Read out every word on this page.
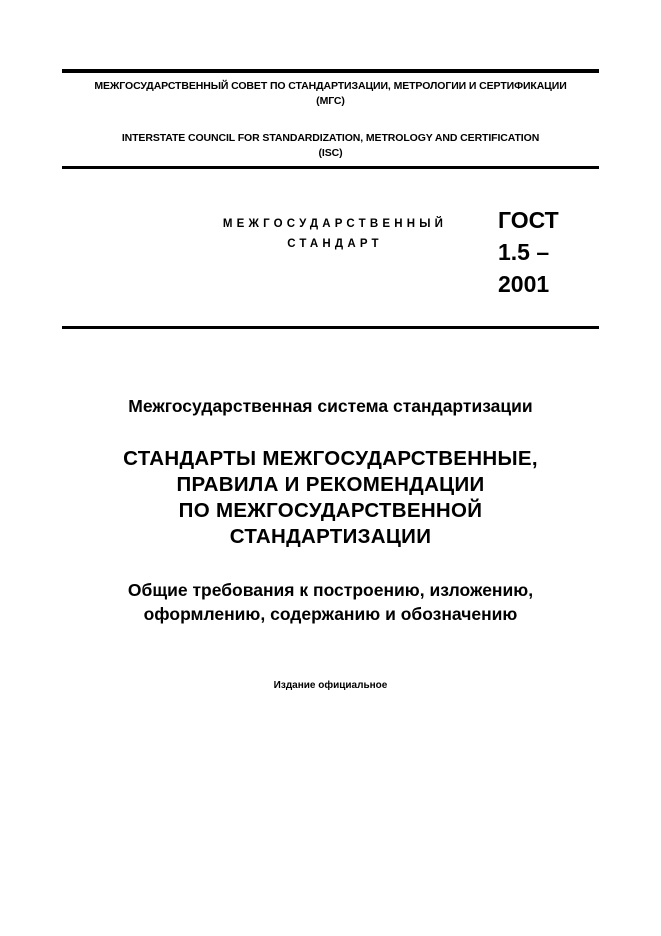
МЕЖГОСУДАРСТВЕННЫЙ СОВЕТ ПО СТАНДАРТИЗАЦИИ, МЕТРОЛОГИИ И СЕРТИФИКАЦИИ
(МГС)
INTERSTATE COUNCIL FOR STANDARDIZATION, METROLOGY AND CERTIFICATION
(ISC)
МЕЖГОСУДАРСТВЕННЫЙ
СТАНДАРТ
ГОСТ
1.5 –
2001
Межгосударственная система стандартизации
СТАНДАРТЫ МЕЖГОСУДАРСТВЕННЫЕ,
ПРАВИЛА И РЕКОМЕНДАЦИИ
ПО МЕЖГОСУДАРСТВЕННОЙ
СТАНДАРТИЗАЦИИ
Общие требования к построению, изложению,
оформлению, содержанию и обозначению
Издание официальное
